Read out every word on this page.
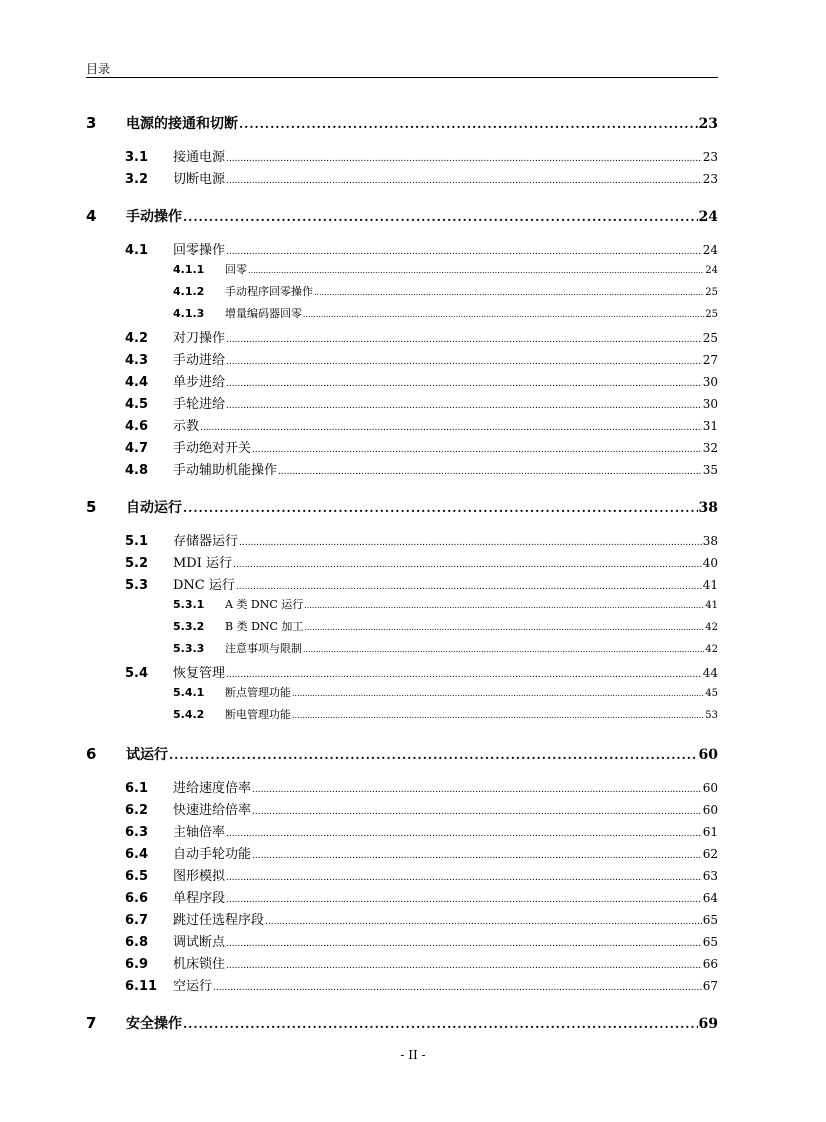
目录
3	电源的接通和切断 .....	23
3.1	接通电源 .....	23
3.2	切断电源 .....	23
4	手动操作 .....	24
4.1	回零操作 .....	24
4.1.1	回零 .....	24
4.1.2	手动程序回零操作 .....	25
4.1.3	增量编码器回零 .....	25
4.2	对刀操作 .....	25
4.3	手动进给 .....	27
4.4	单步进给 .....	30
4.5	手轮进给 .....	30
4.6	示教 .....	31
4.7	手动绝对开关 .....	32
4.8	手动辅助机能操作 .....	35
5	自动运行 .....	38
5.1	存储器运行 .....	38
5.2	MDI 运行 .....	40
5.3	DNC 运行 .....	41
5.3.1	A 类 DNC 运行 .....	41
5.3.2	B 类 DNC 加工 .....	42
5.3.3	注意事项与限制 .....	42
5.4	恢复管理 .....	44
5.4.1	断点管理功能 .....	45
5.4.2	断电管理功能 .....	53
6	试运行 .....	60
6.1	进给速度倍率 .....	60
6.2	快速进给倍率 .....	60
6.3	主轴倍率 .....	61
6.4	自动手轮功能 .....	62
6.5	图形模拟 .....	63
6.6	单程序段 .....	64
6.7	跳过任选程序段 .....	65
6.8	调试断点 .....	65
6.9	机床锁住 .....	66
6.11	空运行 .....	67
7	安全操作 .....	69
- II -
